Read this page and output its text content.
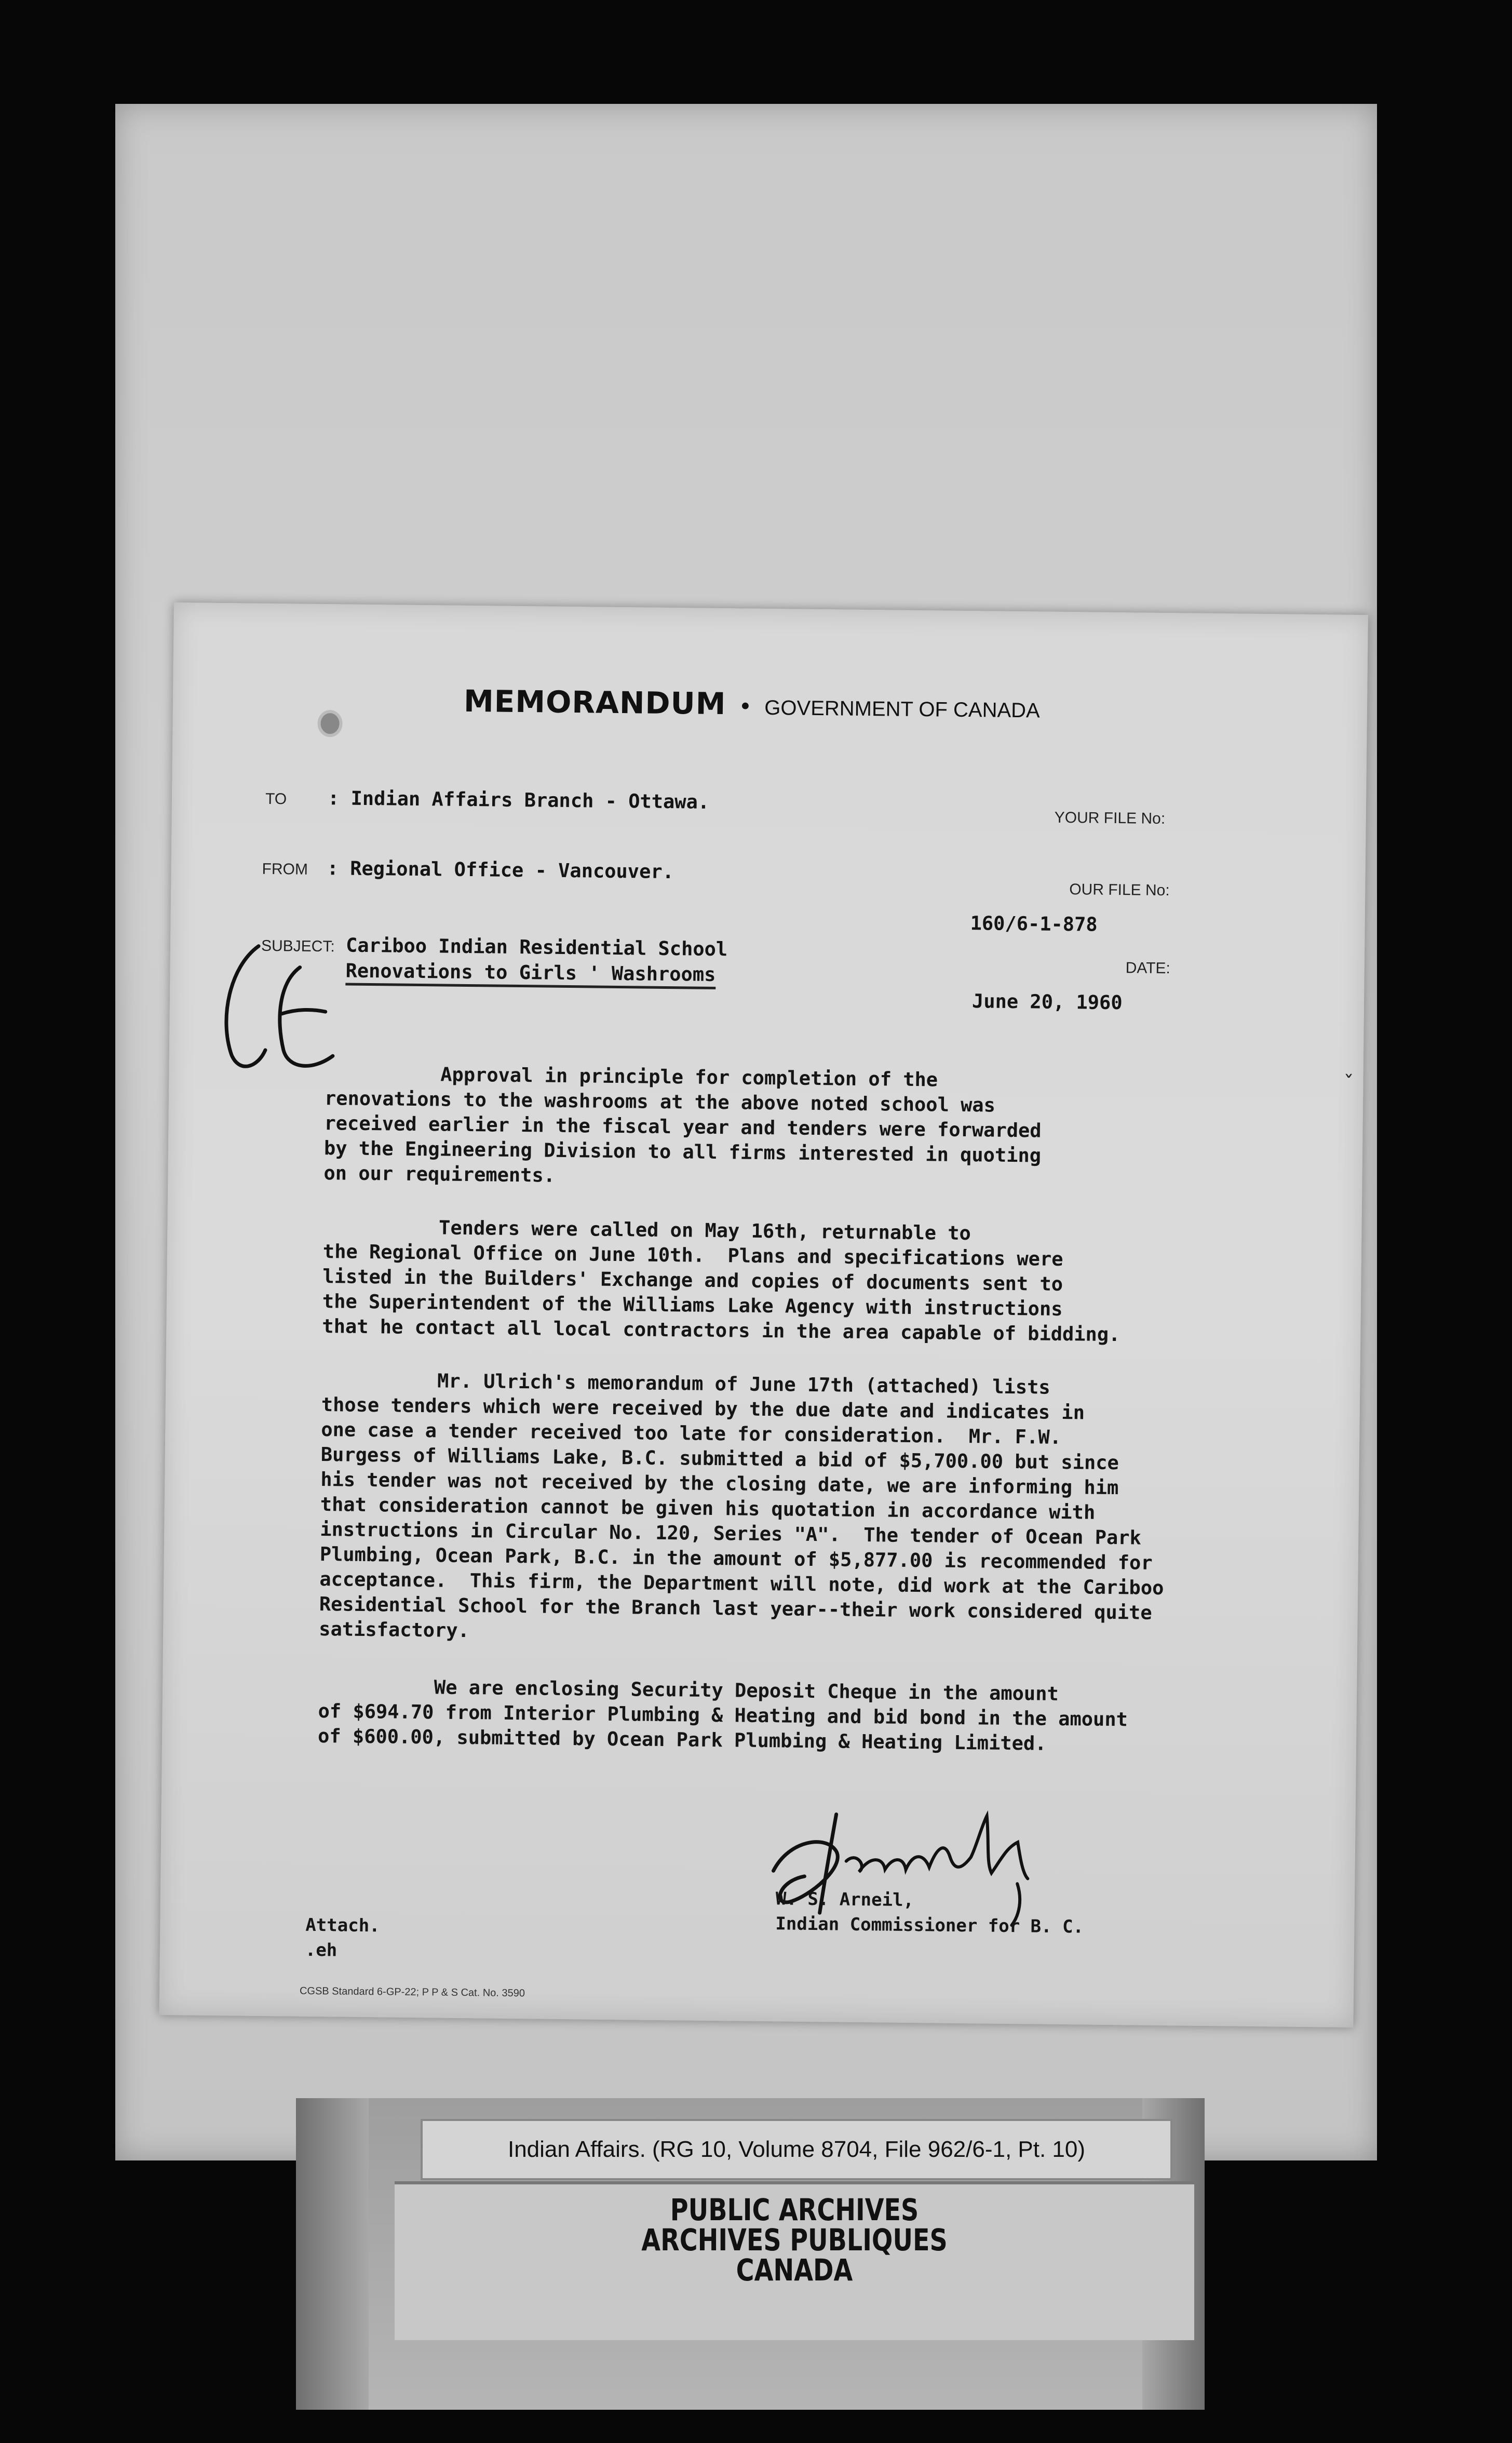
MEMORANDUM • GOVERNMENT OF CANADA
TO : Indian Affairs Branch - Ottawa.
YOUR FILE No:
FROM : Regional Office - Vancouver.
OUR FILE No:
160/6-1-878
SUBJECT: Cariboo Indian Residential School
Renovations to Girls ' Washrooms	DATE:
June 20, 1960
ˇ
Approval in principle for completion of the
renovations to the washrooms at the above noted school was
received earlier in the fiscal year and tenders were forwarded
by the Engineering Division to all firms interested in quoting
on our requirements.
Tenders were called on May 16th, returnable to
the Regional Office on June 10th.  Plans and specifications were
listed in the Builders' Exchange and copies of documents sent to
the Superintendent of the Williams Lake Agency with instructions
that he contact all local contractors in the area capable of bidding.
Mr. Ulrich's memorandum of June 17th (attached) lists
those tenders which were received by the due date and indicates in
one case a tender received too late for consideration.  Mr. F.W.
Burgess of Williams Lake, B.C. submitted a bid of $5,700.00 but since
his tender was not received by the closing date, we are informing him
that consideration cannot be given his quotation in accordance with
instructions in Circular No. 120, Series "A".  The tender of Ocean Park
Plumbing, Ocean Park, B.C. in the amount of $5,877.00 is recommended for
acceptance.  This firm, the Department will note, did work at the Cariboo
Residential School for the Branch last year--their work considered quite
satisfactory.
We are enclosing Security Deposit Cheque in the amount
of $694.70 from Interior Plumbing & Heating and bid bond in the amount
of $600.00, submitted by Ocean Park Plumbing & Heating Limited.
W. S. Arneil,
Indian Commissioner for B. C.
Attach.
.eh
CGSB Standard 6-GP-22; P P & S Cat. No. 3590
Indian Affairs. (RG 10, Volume 8704, File 962/6-1, Pt. 10)
PUBLIC ARCHIVES
ARCHIVES PUBLIQUES
CANADA
